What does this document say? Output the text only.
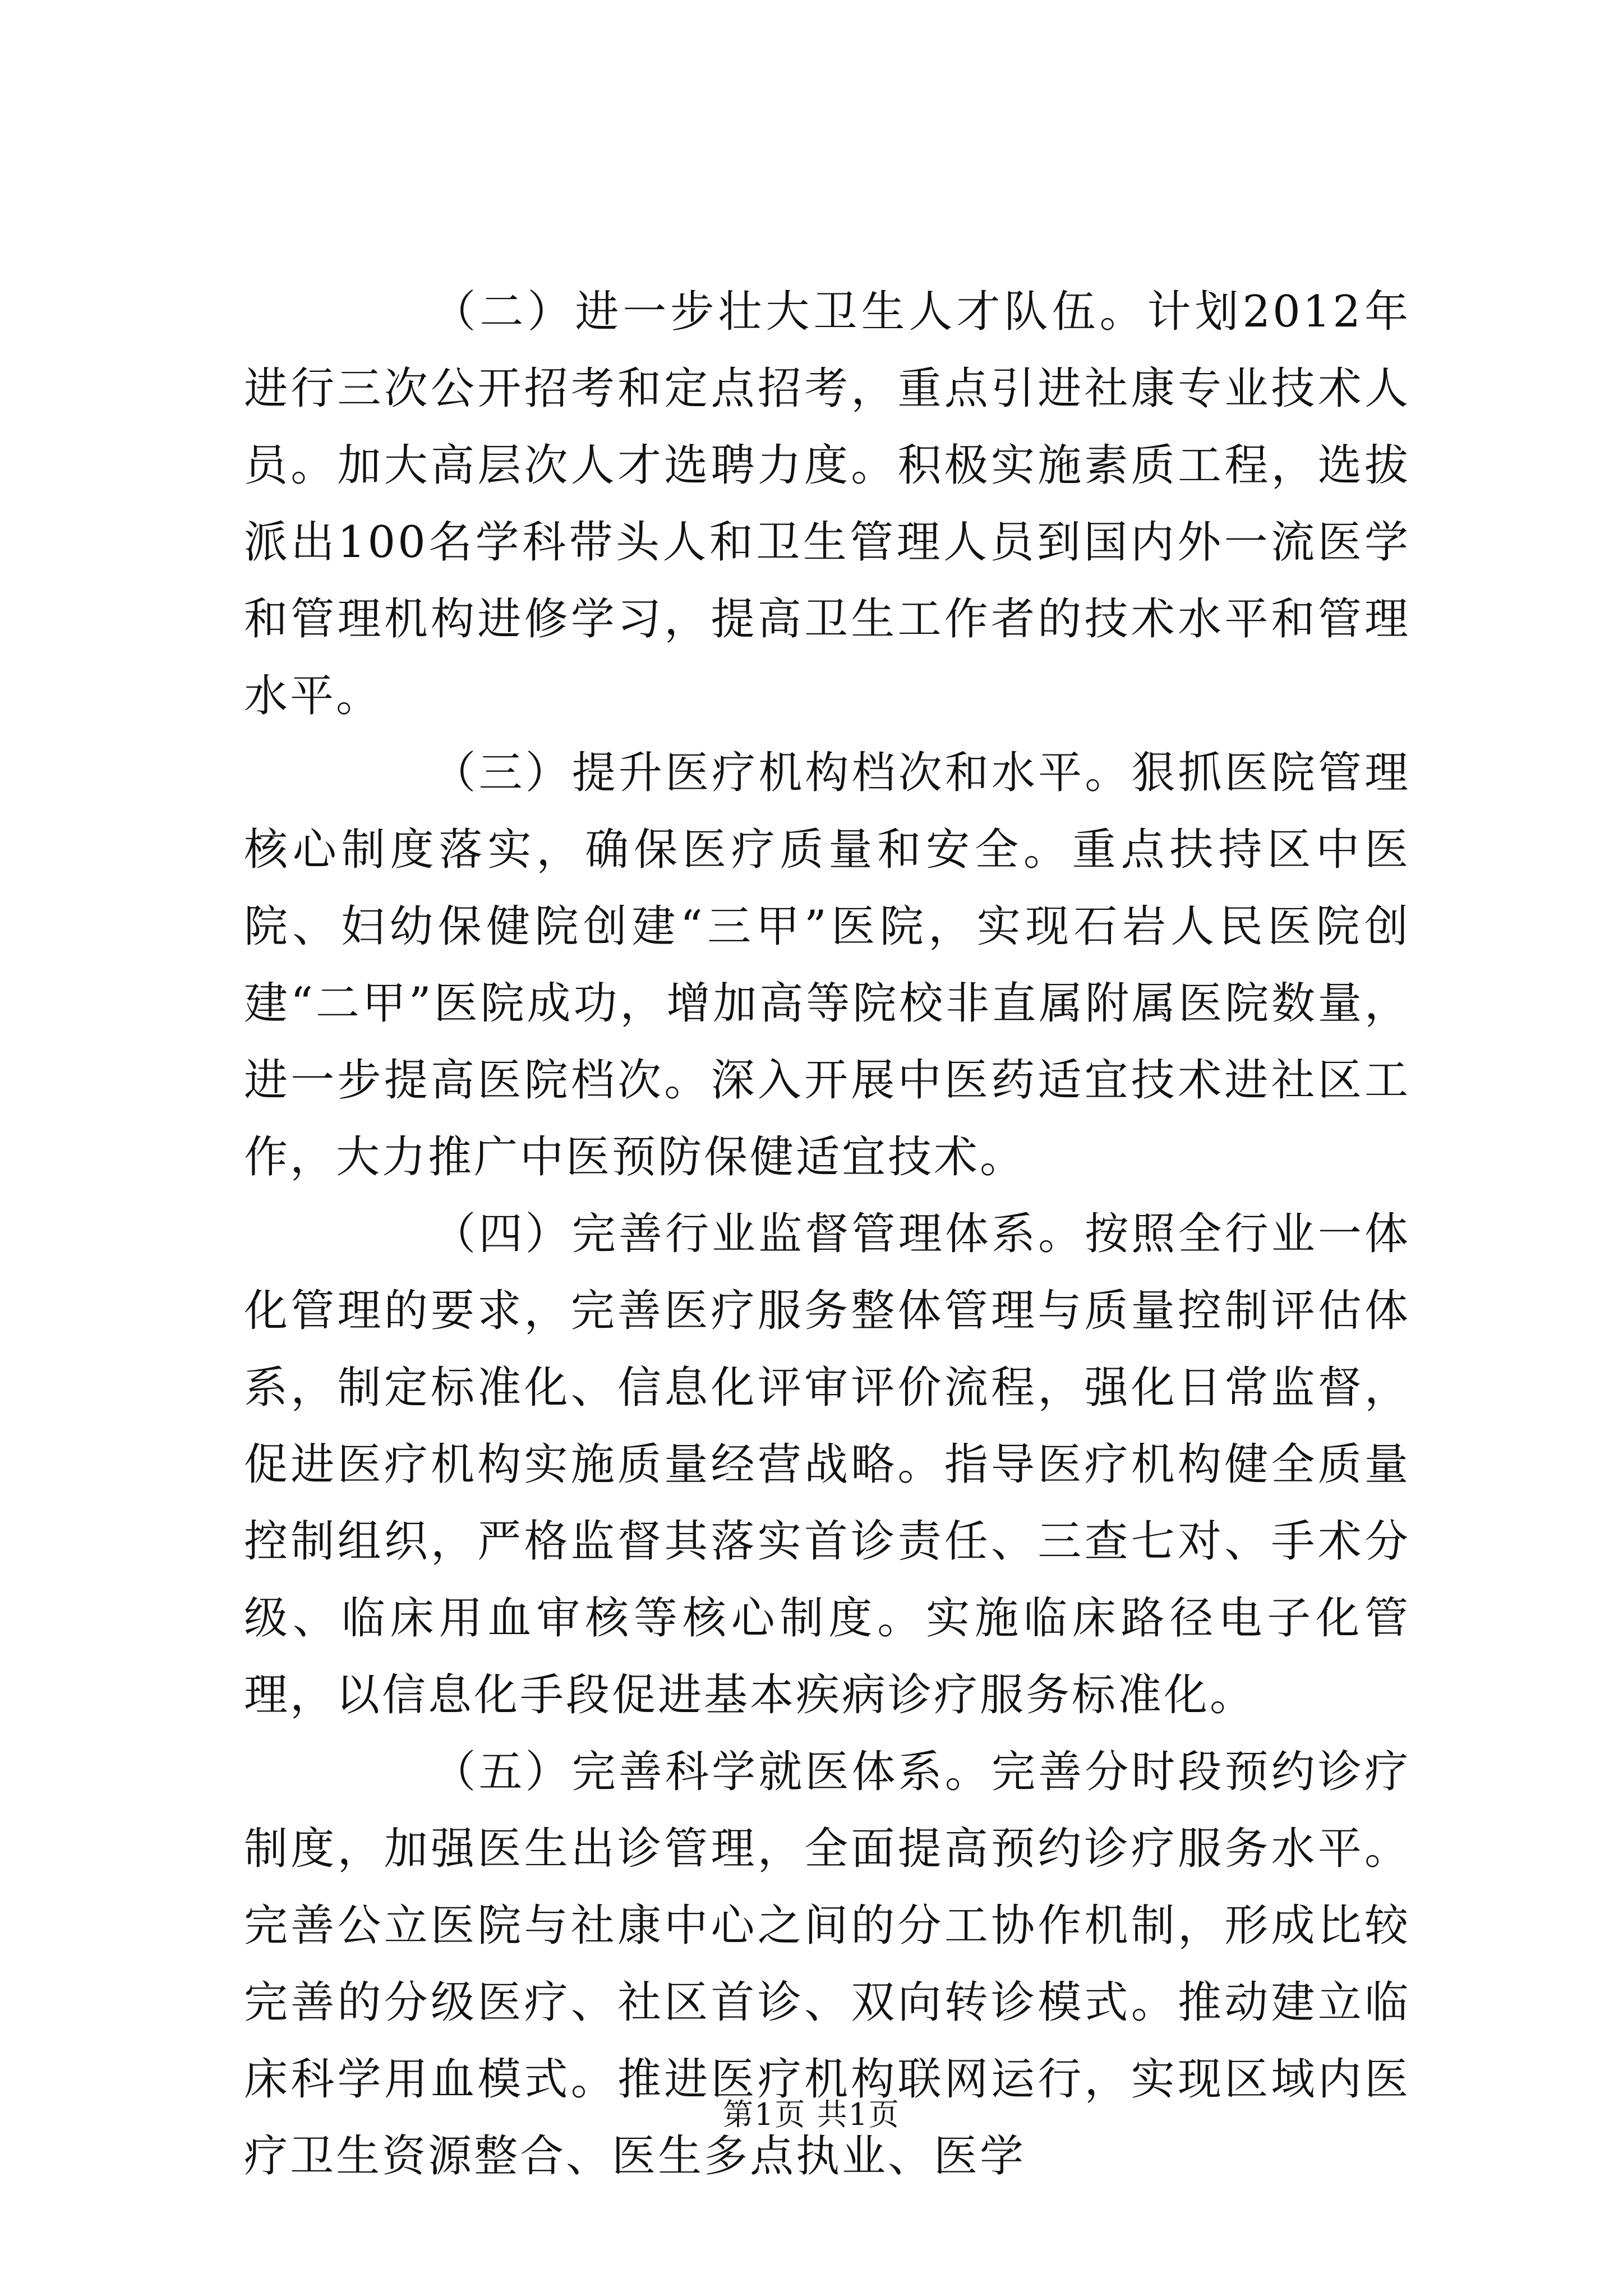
（二）进一步壮大卫生人才队伍。计划2012年进行三次公开招考和定点招考，重点引进社康专业技术人员。加大高层次人才选聘力度。积极实施素质工程，选拔派出100名学科带头人和卫生管理人员到国内外一流医学和管理机构进修学习，提高卫生工作者的技术水平和管理水平。

（三）提升医疗机构档次和水平。狠抓医院管理核心制度落实，确保医疗质量和安全。重点扶持区中医院、妇幼保健院创建“三甲”医院，实现石岩人民医院创建“二甲”医院成功，增加高等院校非直属附属医院数量，进一步提高医院档次。深入开展中医药适宜技术进社区工作，大力推广中医预防保健适宜技术。

（四）完善行业监督管理体系。按照全行业一体化管理的要求，完善医疗服务整体管理与质量控制评估体系，制定标准化、信息化评审评价流程，强化日常监督，促进医疗机构实施质量经营战略。指导医疗机构健全质量控制组织，严格监督其落实首诊责任、三查七对、手术分级、临床用血审核等核心制度。实施临床路径电子化管理，以信息化手段促进基本疾病诊疗服务标准化。

（五）完善科学就医体系。完善分时段预约诊疗制度，加强医生出诊管理，全面提高预约诊疗服务水平。完善公立医院与社康中心之间的分工协作机制，形成比较完善的分级医疗、社区首诊、双向转诊模式。推动建立临床科学用血模式。推进医疗机构联网运行，实现区域内医疗卫生资源整合、医生多点执业、医学

第1页 共1页
